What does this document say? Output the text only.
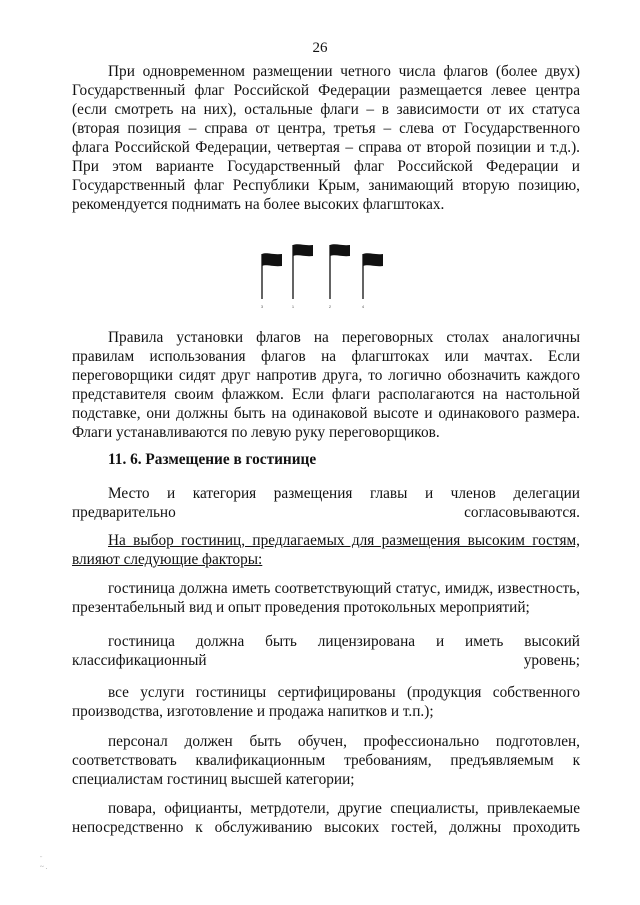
26

При одновременном размещении четного числа флагов (более двух) Государственный флаг Российской Федерации размещается левее центра (если смотреть на них), остальные флаги – в зависимости от их статуса (вторая позиция – справа от центра, третья – слева от Государственного флага Российской Федерации, четвертая – справа от второй позиции и т.д.). При этом варианте Государственный флаг Российской Федерации и Государственный флаг Республики Крым, занимающий вторую позицию, рекомендуется поднимать на более высоких флагштоках.

3	1	2	4

Правила установки флагов на переговорных столах аналогичны правилам использования флагов на флагштоках или мачтах. Если переговорщики сидят друг напротив друга, то логично обозначить каждого представителя своим флажком. Если флаги располагаются на настольной подставке, они должны быть на одинаковой высоте и одинакового размера. Флаги устанавливаются по левую руку переговорщиков.

11. 6. Размещение в гостинице

Место и категория размещения главы и членов делегации предварительно согласовываются.

На выбор гостиниц, предлагаемых для размещения высоким гостям, влияют следующие факторы:

гостиница должна иметь соответствующий статус, имидж, известность, презентабельный вид и опыт проведения протокольных мероприятий;

гостиница должна быть лицензирована и иметь высокий классификационный уровень;

все услуги гостиницы сертифицированы (продукция собственного производства, изготовление и продажа напитков и т.п.);

персонал должен быть обучен, профессионально подготовлен, соответствовать квалификационным требованиям, предъявляемым к специалистам гостиниц высшей категории;

повара, официанты, метрдотели, другие специалисты, привлекаемые непосредственно к обслуживанию высоких гостей, должны проходить

¨
~ .
